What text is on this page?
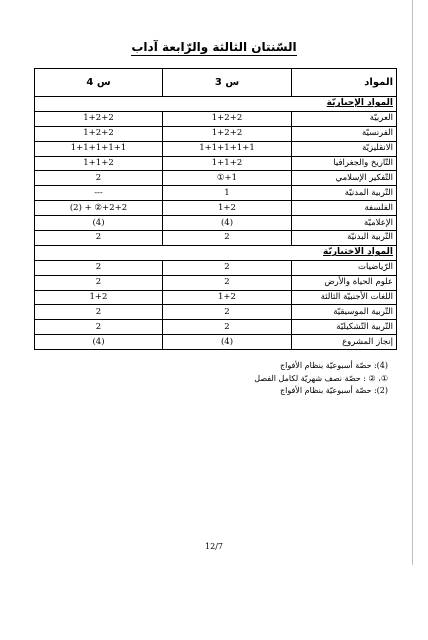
السّنتان الثالثة والرّابعة آداب
المواد	س 3	س 4
المواد الإجباريّة		
العربيّة	1+2+2	1+2+2
الفرنسيّة	1+2+2	1+2+2
الانقليزيّة	1+1+1+1+1	1+1+1+1+1
التّاريخ والجغرافيا	1+1+2	1+1+2
التّفكير الإسلامي	1+①	2
التّربية المدنيّة	1	---
الفلسفة	1+2	2+2+② + (2)
الإعلاميّة	(4)	(4)
التّربية البدنيّة	2	2
المواد الاختياريّة		
الرّياضيات	2	2
علوم الحياة والأرض	2	2
اللغات الأجنبيّة الثالثة	1+2	1+2
التّربية الموسيقيّة	2	2
التّربية التّشكيليّة	2	2
إنجاز المشروع	(4)	(4)
(4): حصّة أسبوعيّة بنظام الأفواج
①، ② : حصّة نصف شهريّة لكامل الفصل
(2): حصّة أسبوعيّة بنظام الأفواج
12/7
